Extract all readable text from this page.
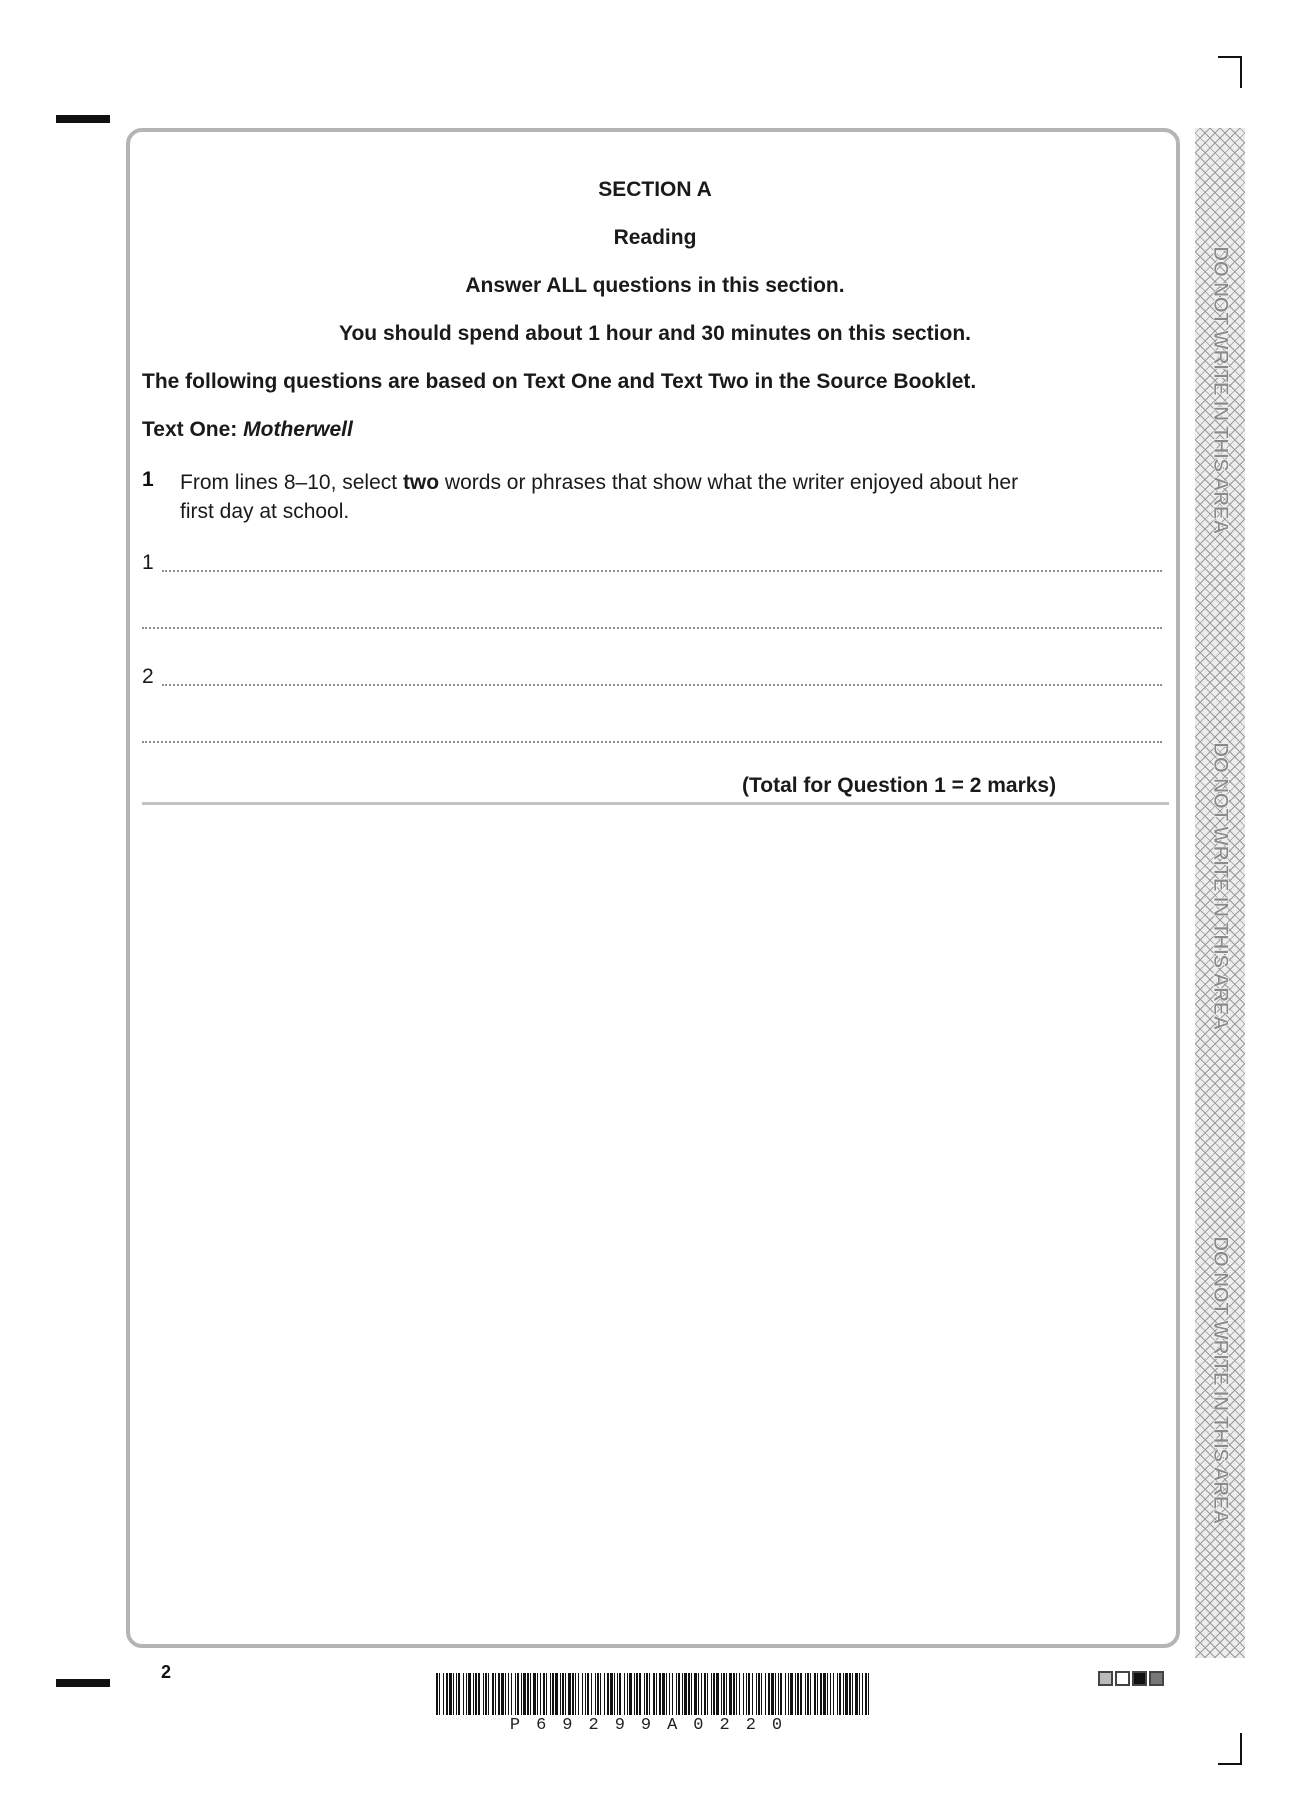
DO NOT WRITE IN THIS AREA
DO NOT WRITE IN THIS AREA
DO NOT WRITE IN THIS AREA
SECTION A
Reading
Answer ALL questions in this section.
You should spend about 1 hour and 30 minutes on this section.
The following questions are based on Text One and Text Two in the Source Booklet.
Text One: Motherwell
1 From lines 8–10, select two words or phrases that show what the writer enjoyed about her first day at school.
1
2
(Total for Question 1 = 2 marks)
2
P69299A0220
